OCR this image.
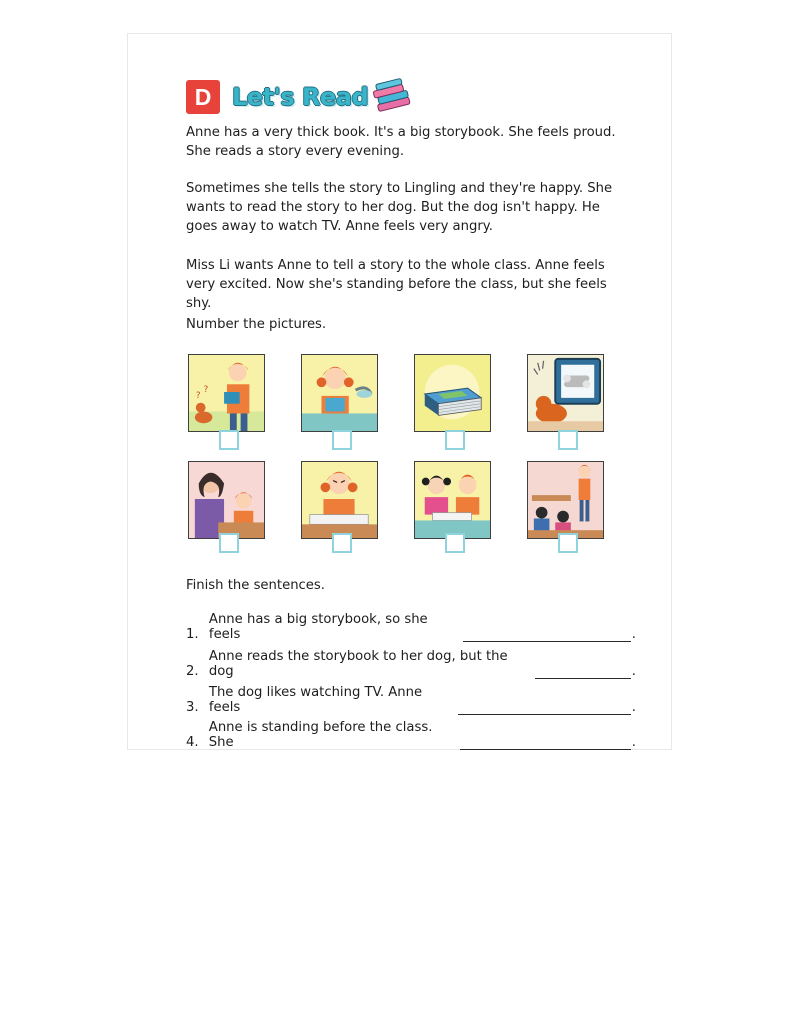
D Let's Read

Anne has a very thick book. It's a big storybook. She feels proud. She reads a story every evening.

Sometimes she tells the story to Lingling and they're happy. She wants to read the story to her dog. But the dog isn't happy. He goes away to watch TV. Anne feels very angry.

Miss Li wants Anne to tell a story to the whole class. Anne feels very excited. Now she's standing before the class, but she feels shy.

Number the pictures.

?
?

Finish the sentences.

1.
Anne has a big storybook, so she feels	.
2.
Anne reads the storybook to her dog, but the dog	.
3.
The dog likes watching TV. Anne feels	.
4.
Anne is standing before the class. She	.
